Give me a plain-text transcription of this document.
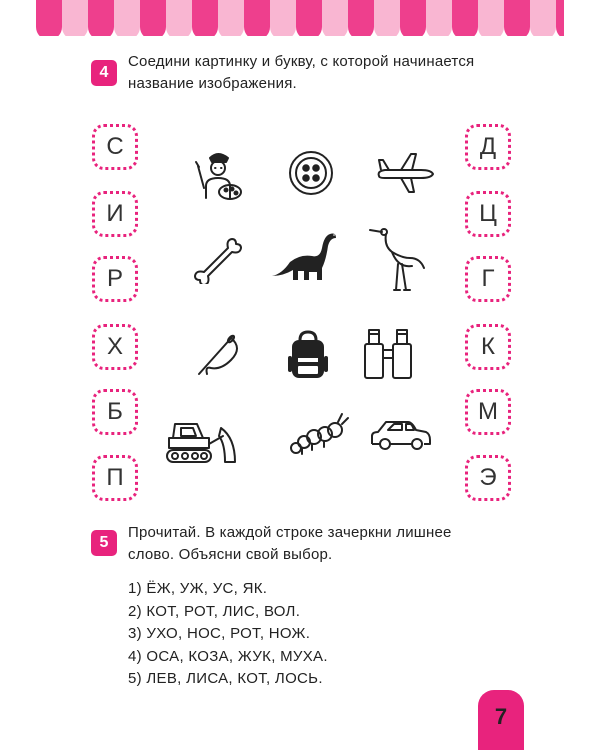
4
Соедини картинку и букву, с которой начинается
название изображения.
С
И
Р
Х
Б
П
Д
Ц
Г
К
М
Э
5
Прочитай. В каждой строке зачеркни лишнее
слово. Объясни свой выбор.
1) ЁЖ, УЖ, УС, ЯК.
2) КОТ, РОТ, ЛИС, ВОЛ.
3) УХО, НОС, РОТ, НОЖ.
4) ОСА, КОЗА, ЖУК, МУХА.
5) ЛЕВ, ЛИСА, КОТ, ЛОСЬ.
7
